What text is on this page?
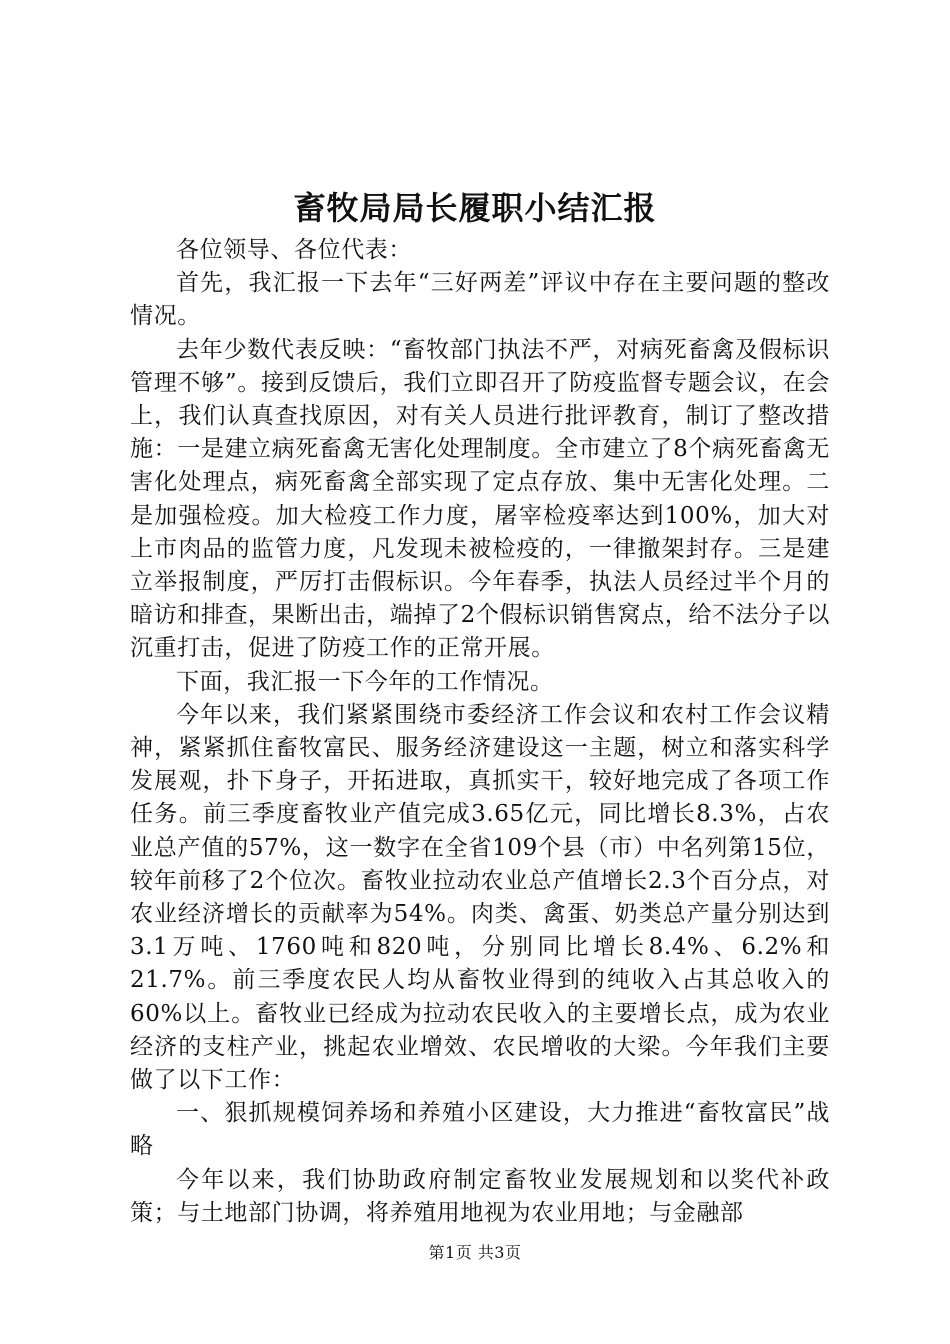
畜牧局局长履职小结汇报

各位领导、各位代表：

首先，我汇报一下去年“三好两差”评议中存在主要问题的整改情况。

去年少数代表反映：“畜牧部门执法不严，对病死畜禽及假标识管理不够”。接到反馈后，我们立即召开了防疫监督专题会议，在会上，我们认真查找原因，对有关人员进行批评教育，制订了整改措施：一是建立病死畜禽无害化处理制度。全市建立了8个病死畜禽无害化处理点，病死畜禽全部实现了定点存放、集中无害化处理。二是加强检疫。加大检疫工作力度，屠宰检疫率达到100%，加大对上市肉品的监管力度，凡发现未被检疫的，一律撤架封存。三是建立举报制度，严厉打击假标识。今年春季，执法人员经过半个月的暗访和排查，果断出击，端掉了2个假标识销售窝点，给不法分子以沉重打击，促进了防疫工作的正常开展。

下面，我汇报一下今年的工作情况。

今年以来，我们紧紧围绕市委经济工作会议和农村工作会议精神，紧紧抓住畜牧富民、服务经济建设这一主题，树立和落实科学发展观，扑下身子，开拓进取，真抓实干，较好地完成了各项工作任务。前三季度畜牧业产值完成3.65亿元，同比增长8.3%，占农业总产值的57%，这一数字在全省109个县（市）中名列第15位，较年前移了2个位次。畜牧业拉动农业总产值增长2.3个百分点，对农业经济增长的贡献率为54%。肉类、禽蛋、奶类总产量分别达到3.1万吨、1760吨和820吨，分别同比增长8.4%、6.2%和21.7%。前三季度农民人均从畜牧业得到的纯收入占其总收入的60%以上。畜牧业已经成为拉动农民收入的主要增长点，成为农业经济的支柱产业，挑起农业增效、农民增收的大梁。今年我们主要做了以下工作：

一、狠抓规模饲养场和养殖小区建设，大力推进“畜牧富民”战略

今年以来，我们协助政府制定畜牧业发展规划和以奖代补政策；与土地部门协调，将养殖用地视为农业用地；与金融部

第1页 共3页
